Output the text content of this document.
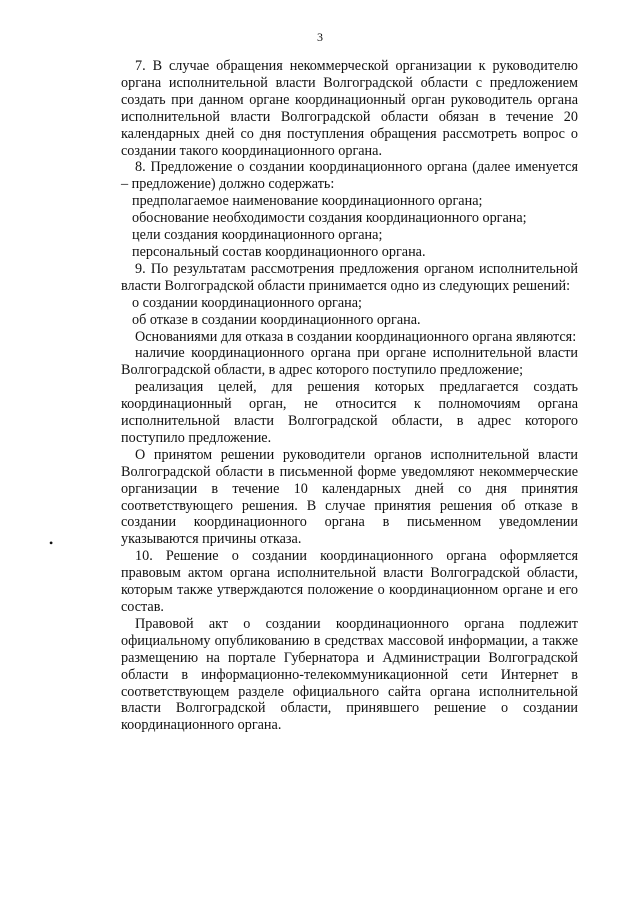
3

7. В случае обращения некоммерческой организации к руководителю органа исполнительной власти Волгоградской области с предложением создать при данном органе координационный орган руководитель органа исполнительной власти Волгоградской области обязан в течение 20 календарных дней со дня поступления обращения рассмотреть вопрос о создании такого координационного органа.

8. Предложение о создании координационного органа (далее именуется – предложение) должно содержать:

предполагаемое наименование координационного органа;

обоснование необходимости создания координационного органа;

цели создания координационного органа;

персональный состав координационного органа.

9. По результатам рассмотрения предложения органом исполнительной власти Волгоградской области принимается одно из следующих решений:

о создании координационного органа;

об отказе в создании координационного органа.

Основаниями для отказа в создании координационного органа являются:

наличие координационного органа при органе исполнительной власти Волгоградской области, в адрес которого поступило предложение;

реализация целей, для решения которых предлагается создать координационный орган, не относится к полномочиям органа исполнительной власти Волгоградской области, в адрес которого поступило предложение.

О принятом решении руководители органов исполнительной власти Волгоградской области в письменной форме уведомляют некоммерческие организации в течение 10 календарных дней со дня принятия соответствующего решения. В случае принятия решения об отказе в создании координационного органа в письменном уведомлении указываются причины отказа.

10. Решение о создании координационного органа оформляется правовым актом органа исполнительной власти Волгоградской области, которым также утверждаются положение о координационном органе и его состав.

Правовой акт о создании координационного органа подлежит официальному опубликованию в средствах массовой информации, а также размещению на портале Губернатора и Администрации Волгоградской области в информационно-телекоммуникационной сети Интернет в соответствующем разделе официального сайта органа исполнительной власти Волгоградской области, принявшего решение о создании координационного органа.

•
